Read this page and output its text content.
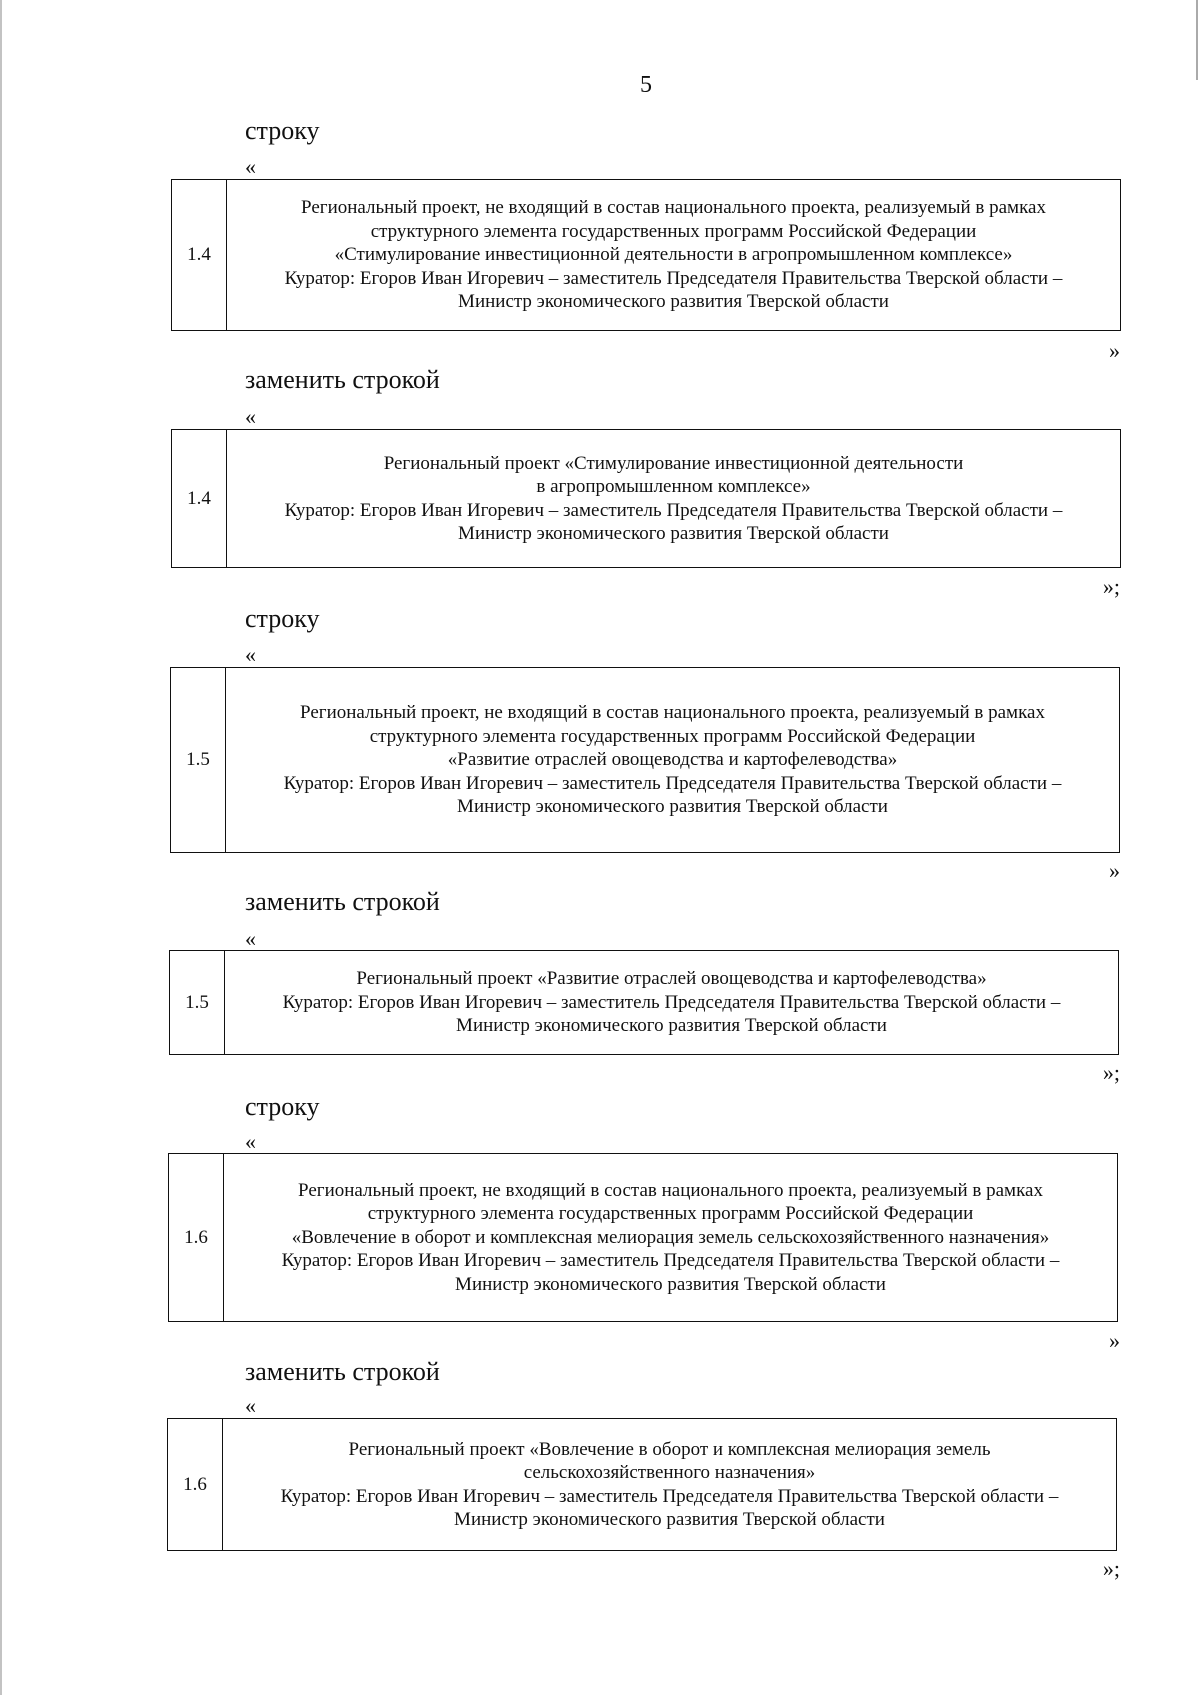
5
строку
«
1.4	
Региональный проект, не входящий в состав национального проекта, реализуемый в рамках
структурного элемента государственных программ Российской Федерации
«Стимулирование инвестиционной деятельности в агропромышленном комплексе»
Куратор: Егоров Иван Игоревич – заместитель Председателя Правительства Тверской области –
Министр экономического развития Тверской области
»
заменить строкой
«
1.4	
Региональный проект «Стимулирование инвестиционной деятельности
в агропромышленном комплексе»
Куратор: Егоров Иван Игоревич – заместитель Председателя Правительства Тверской области –
Министр экономического развития Тверской области
»;
строку
«
1.5	
Региональный проект, не входящий в состав национального проекта, реализуемый в рамках
структурного элемента государственных программ Российской Федерации
«Развитие отраслей овощеводства и картофелеводства»
Куратор: Егоров Иван Игоревич – заместитель Председателя Правительства Тверской области –
Министр экономического развития Тверской области
»
заменить строкой
«
1.5	
Региональный проект «Развитие отраслей овощеводства и картофелеводства»
Куратор: Егоров Иван Игоревич – заместитель Председателя Правительства Тверской области –
Министр экономического развития Тверской области
»;
строку
«
1.6	
Региональный проект, не входящий в состав национального проекта, реализуемый в рамках
структурного элемента государственных программ Российской Федерации
«Вовлечение в оборот и комплексная мелиорация земель сельскохозяйственного назначения»
Куратор: Егоров Иван Игоревич – заместитель Председателя Правительства Тверской области –
Министр экономического развития Тверской области
»
заменить строкой
«
1.6	
Региональный проект «Вовлечение в оборот и комплексная мелиорация земель
сельскохозяйственного назначения»
Куратор: Егоров Иван Игоревич – заместитель Председателя Правительства Тверской области –
Министр экономического развития Тверской области
»;
